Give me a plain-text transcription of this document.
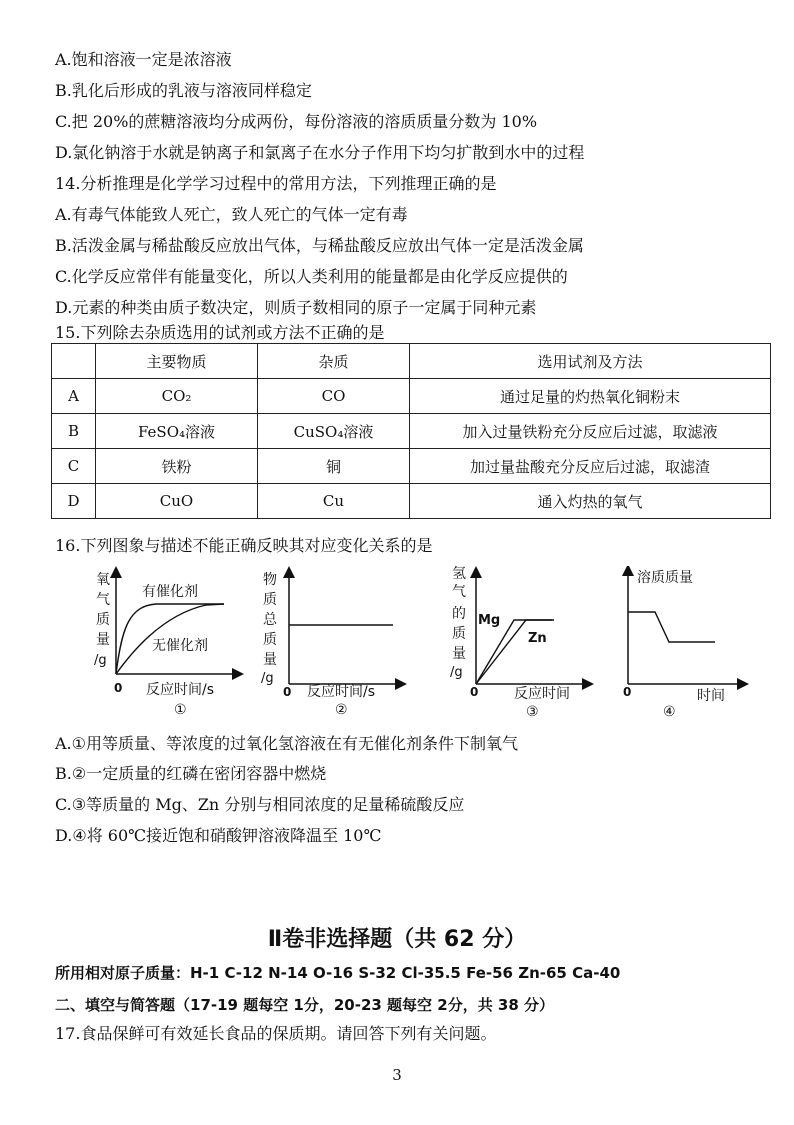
A.饱和溶液一定是浓溶液
B.乳化后形成的乳液与溶液同样稳定
C.把 20%的蔗糖溶液均分成两份，每份溶液的溶质质量分数为 10%
D.氯化钠溶于水就是钠离子和氯离子在水分子作用下均匀扩散到水中的过程
14.分析推理是化学学习过程中的常用方法，下列推理正确的是
A.有毒气体能致人死亡，致人死亡的气体一定有毒
B.活泼金属与稀盐酸反应放出气体，与稀盐酸反应放出气体一定是活泼金属
C.化学反应常伴有能量变化，所以人类利用的能量都是由化学反应提供的
D.元素的种类由质子数决定，则质子数相同的原子一定属于同种元素
15.下列除去杂质选用的试剂或方法不正确的是
	主要物质	杂质	选用试剂及方法
A	CO₂	CO	通过足量的灼热氧化铜粉末
B	FeSO₄溶液	CuSO₄溶液	加入过量铁粉充分反应后过滤，取滤液
C	铁粉	铜	加过量盐酸充分反应后过滤，取滤渣
D	CuO	Cu	通入灼热的氧气
16.下列图象与描述不能正确反映其对应变化关系的是
氧
气
质
量
/g
0 反应时间/s
①
有催化剂
无催化剂
物
质
总
质
量
/g
0 反应时间/s
②
氢
气
的
质
量
/g
0	反应时间
③
Mg
Zn
溶质质量
0	时间
④
A.①用等质量、等浓度的过氧化氢溶液在有无催化剂条件下制氧气
B.②一定质量的红磷在密闭容器中燃烧
C.③等质量的 Mg、Zn 分别与相同浓度的足量稀硫酸反应
D.④将 60℃接近饱和硝酸钾溶液降温至 10℃
Ⅱ卷非选择题（共 62 分）
所用相对原子质量：H-1 C-12 N-14 O-16 S-32 Cl-35.5 Fe-56 Zn-65 Ca-40
二、填空与简答题（17-19 题每空 1分，20-23 题每空 2分，共 38 分）
17.食品保鲜可有效延长食品的保质期。请回答下列有关问题。
3
